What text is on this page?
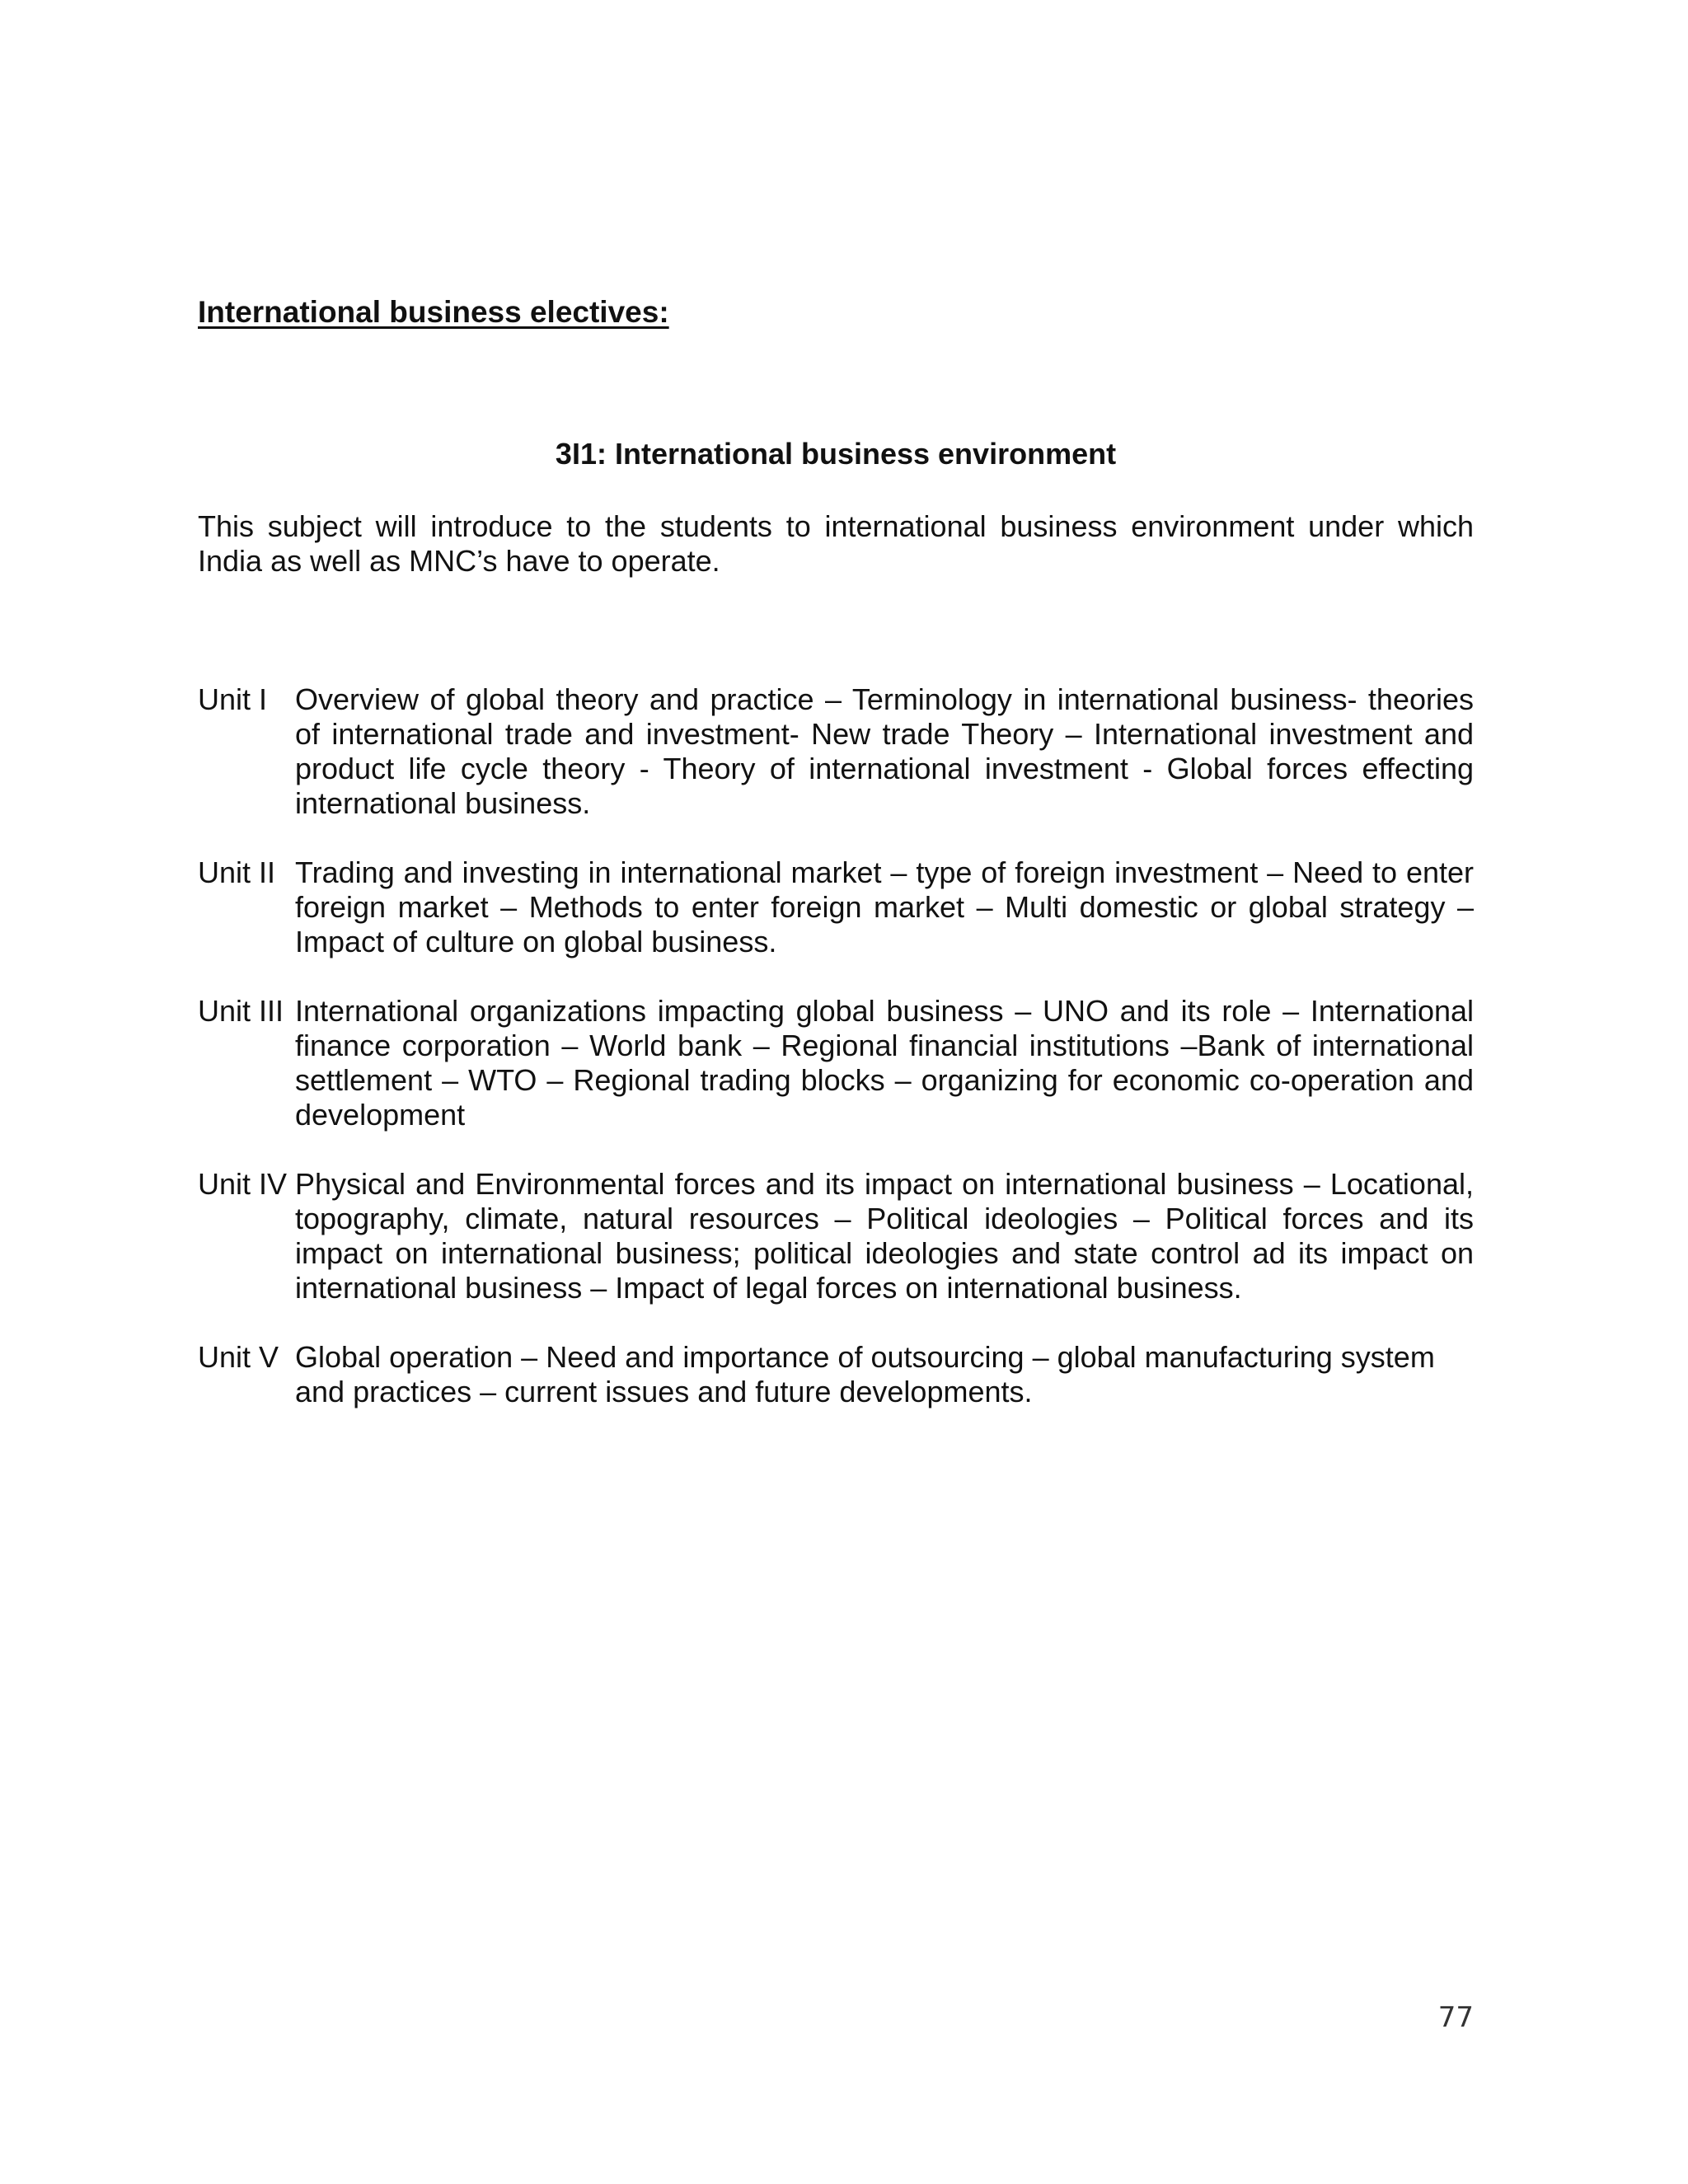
International business electives:
3I1: International business environment

This subject will introduce to the students to international business environment under which India as well as MNC’s have to operate.

Unit I Overview of global theory and practice – Terminology in international business- theories of international trade and investment- New trade Theory – International investment and product life cycle theory - Theory of international investment - Global forces effecting international business.
Unit II Trading and investing in international market – type of foreign investment – Need to enter foreign market – Methods to enter foreign market – Multi domestic or global strategy – Impact of culture on global business.
Unit III International organizations impacting global business – UNO and its role – International finance corporation – World bank – Regional financial institutions –Bank of international settlement – WTO – Regional trading blocks – organizing for economic co-operation and development
Unit IV Physical and Environmental forces and its impact on international business – Locational, topography, climate, natural resources – Political ideologies – Political forces and its impact on international business; political ideologies and state control ad its impact on international business – Impact of legal forces on international business.
Unit V Global operation – Need and importance of outsourcing – global manufacturing system and practices – current issues and future developments.

77
